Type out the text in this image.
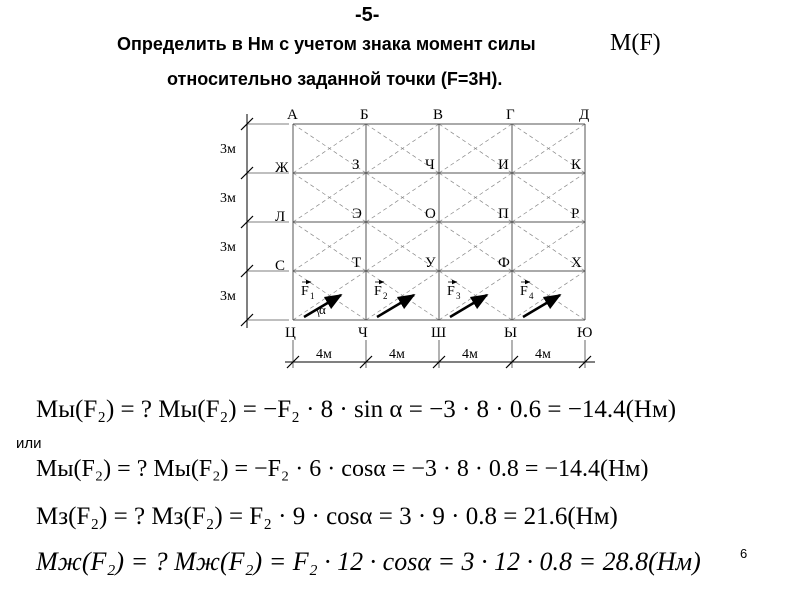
-5-
Определить в Нм с учетом знака момент силы	M(F)
относительно заданной точки (F=3Н).
А	Б	В	Г	Д
Ж
Л
С
Ц	Ч	Ш	Ы	Ю
З	Ч	И	К
Э	О	П	Р
Т	У	Ф	Х
F 1	F 2	F 3	F 4
α
3м
3м
3м
3м
4м	4м	4м	4м
или
Mы(F₂) = ? Mы(F₂) = −F₂ · 8 · sin α = −3 · 8 · 0.6 = −14.4(Нм)
Mы(F₂) = ? Mы(F₂) = −F₂ · 6 · cosα = −3 · 8 · 0.8 = −14.4(Нм)
Mз(F₂) = ? Mз(F₂) = F₂ · 9 · cosα = 3 · 9 · 0.8 = 21.6(Нм)
Mж(F₂) = ? Mж(F₂) = F₂ · 12 · cosα = 3 · 12 · 0.8 = 28.8(Нм)	6
